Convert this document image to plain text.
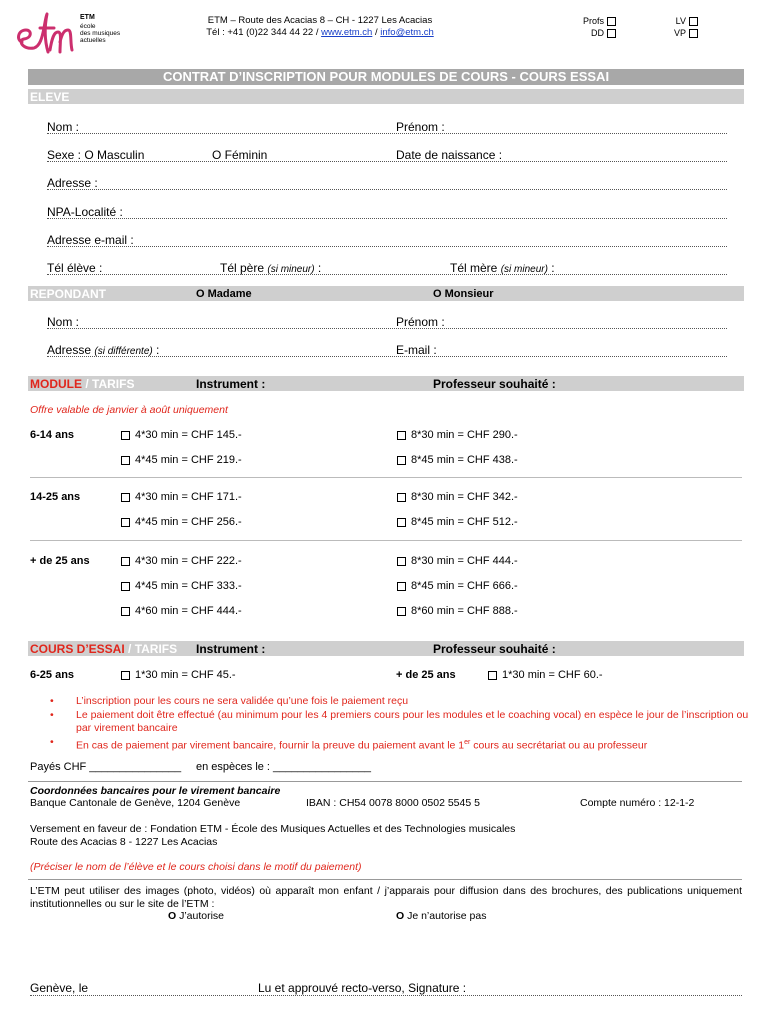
ETM
école
des musiques
actuelles
ETM – Route des Acacias 8 – CH - 1227 Les Acacias
Tél : +41 (0)22 344 44 22 / www.etm.ch / info@etm.ch
Profs
DD
LV
VP
CONTRAT D’INSCRIPTION POUR MODULES DE COURS - COURS ESSAI
ELEVE
Nom :	Prénom :
Sexe : O Masculin	O Féminin	Date de naissance :
Adresse :
NPA-Localité :
Adresse e-mail :
Tél élève :	Tél père (si mineur) :	Tél mère (si mineur) :
REPONDANT	O Madame	O Monsieur
Nom :	Prénom :
Adresse (si différente) :	E-mail :
MODULE / TARIFS	Instrument :	Professeur souhaité :
Offre valable de janvier à août uniquement
6-14 ans	4*30 min = CHF 145.-	8*30 min = CHF 290.-
4*45 min = CHF 219.-	8*45 min = CHF 438.-
14-25 ans	4*30 min = CHF 171.-	8*30 min = CHF 342.-
4*45 min = CHF 256.-	8*45 min = CHF 512.-
+ de 25 ans	4*30 min = CHF 222.-	8*30 min = CHF 444.-
4*45 min = CHF 333.-	8*45 min = CHF 666.-
4*60 min = CHF 444.-	8*60 min = CHF 888.-
COURS D’ESSAI / TARIFS Instrument :	Professeur souhaité :
6-25 ans	1*30 min = CHF 45.-	+ de 25 ans	1*30 min = CHF 60.-
• L’inscription pour les cours ne sera validée qu’une fois le paiement reçu
• Le paiement doit être effectué (au minimum pour les 4 premiers cours pour les modules et le coaching vocal) en espèce le jour de l’inscription ou par virement bancaire
• En cas de paiement par virement bancaire, fournir la preuve du paiement avant le 1er cours au secrétariat ou au professeur
Payés CHF _______________ en espèces le : ________________
Coordonnées bancaires pour le virement bancaire
Banque Cantonale de Genève, 1204 Genève	IBAN : CH54 0078 8000 0502 5545 5	Compte numéro : 12-1-2
Versement en faveur de : Fondation ETM - École des Musiques Actuelles et des Technologies musicales
Route des Acacias 8 - 1227 Les Acacias
(Préciser le nom de l’élève et le cours choisi dans le motif du paiement)
L’ETM peut utiliser des images (photo, vidéos) où apparaît mon enfant / j’apparais pour diffusion dans des brochures, des publications uniquement institutionnelles ou sur le site de l’ETM :
O J’autorise	O Je n’autorise pas
Genève, le	Lu et approuvé recto-verso, Signature :
